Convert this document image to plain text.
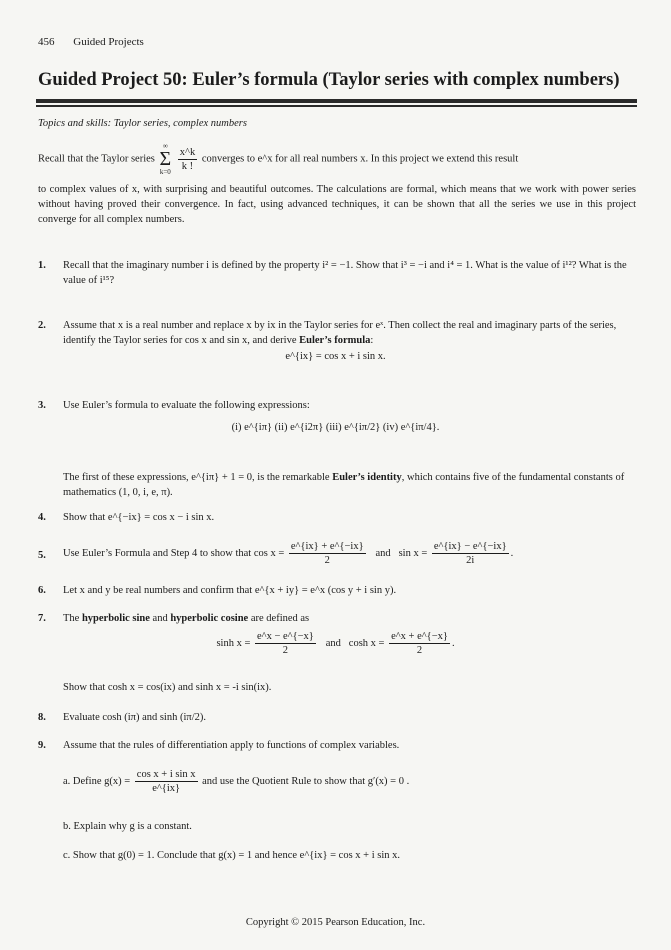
456 Guided Projects
Guided Project 50: Euler’s formula (Taylor series with complex numbers)
Topics and skills: Taylor series, complex numbers
Recall that the Taylor series
∞
Σ
k=0
$\frac{x\^{}k}{k !}$ converges to e^x for all real numbers x. In this project we extend this result
to complex values of x, with surprising and beautiful outcomes. The calculations are formal, which means that we work with power series without having proved their convergence. In fact, using advanced techniques, it can be shown that all the series we use in this project converge for all complex numbers.
1. Recall that the imaginary number i is defined by the property i² = −1. Show that i³ = −i and i⁴ = 1. What is the value of i¹²? What is the value of i¹⁵?
2. Assume that x is a real number and replace x by ix in the Taylor series for eˣ. Then collect the real and imaginary parts of the series, identify the Taylor series for cos x and sin x, and derive Euler’s formula:
e^{ix} = cos x + i sin x.
3. Use Euler’s formula to evaluate the following expressions:
(i) e^{iπ} (ii) e^{i2π} (iii) e^{iπ/2} (iv) e^{iπ/4}.
The first of these expressions, e^{iπ} + 1 = 0, is the remarkable Euler’s identity, which contains five of the fundamental constants of mathematics (1, 0, i, e, π).
4. Show that e^{−ix} = cos x − i sin x.
5. Use Euler’s Formula and Step 4 to show that $\cos x = \frac{e\^{}\{ix\} + e\^{}\{-ix\}}{2}$ and $\sin x = \frac{e\^{}\{ix\} - e\^{}\{-ix\}}{2i}$ .
6. Let x and y be real numbers and confirm that e^{x + iy} = e^x (cos y + i sin y).
7. The hyperbolic sine and hyperbolic cosine are defined as
$\sinh x = \frac{e\^{}x - e\^{}\{-x\}}{2}$ and $\cosh x = \frac{e\^{}x + e\^{}\{-x\}}{2}$ .
Show that cosh x = cos(ix) and sinh x = -i sin(ix).
8. Evaluate cosh (iπ) and sinh (iπ/2).
9. Assume that the rules of differentiation apply to functions of complex variables.
a. Define $g(x) = \frac{\text{cos x + i sin x}}{e\^{}\{ix\}}$ and use the Quotient Rule to show that g′(x) = 0 .
b. Explain why g is a constant.
c. Show that g(0) = 1. Conclude that g(x) = 1 and hence e^{ix} = cos x + i sin x.
Copyright © 2015 Pearson Education, Inc.
